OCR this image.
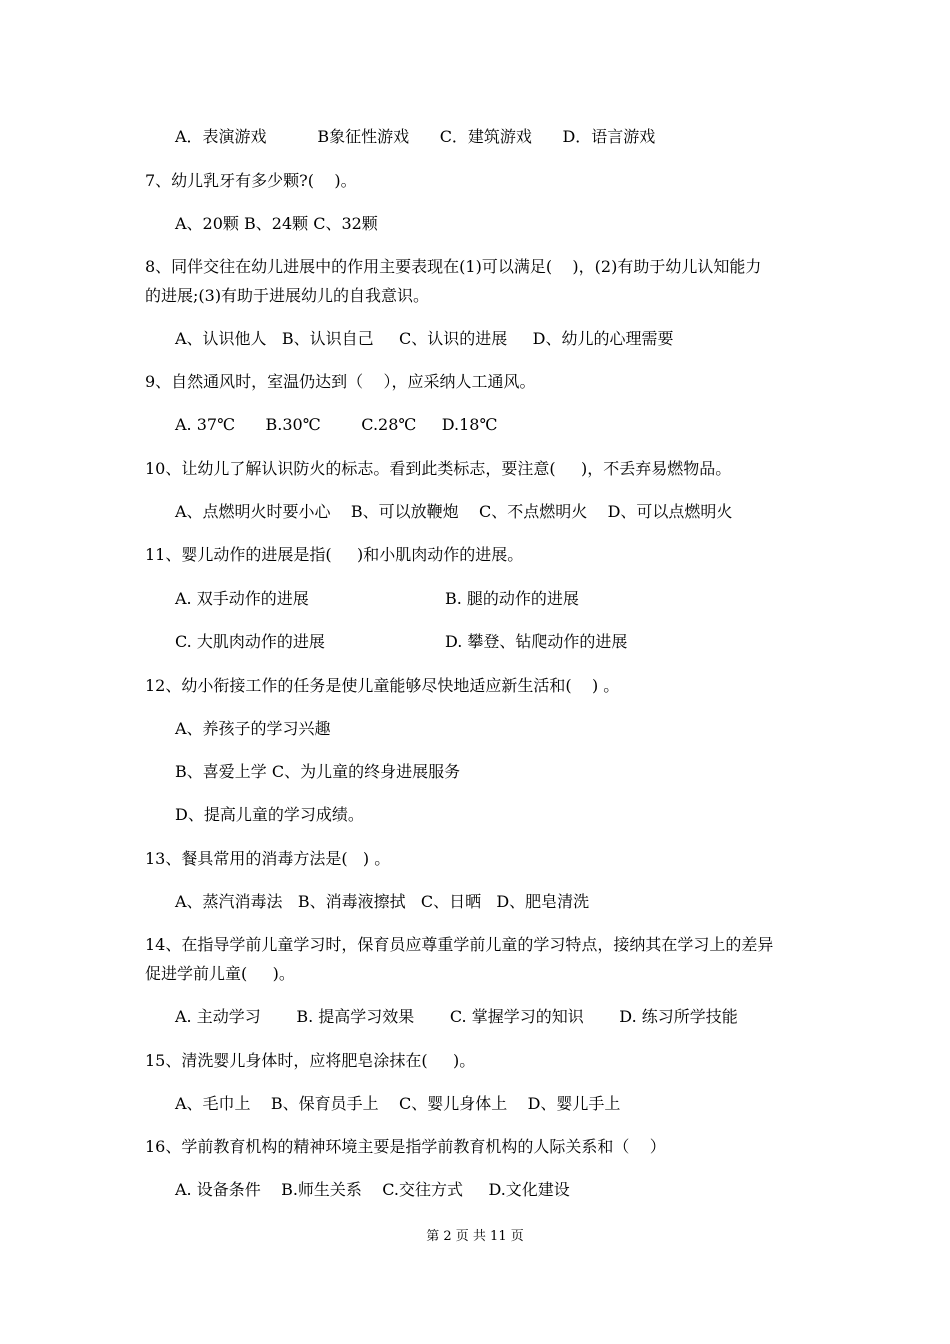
A．表演游戏          B象征性游戏      C．建筑游戏      D．语言游戏
7、幼儿乳牙有多少颗?(    )。
A、20颗 B、24颗 C、32颗
8、同伴交往在幼儿进展中的作用主要表现在(1)可以满足(    )，(2)有助于幼儿认知能力
的进展;(3)有助于进展幼儿的自我意识。
A、认识他人   B、认识自己     C、认识的进展     D、幼儿的心理需要
9、自然通风时，室温仍达到（    ），应采纳人工通风。
A. 37℃      B.30℃        C.28℃     D.18℃
10、让幼儿了解认识防火的标志。看到此类标志，要注意(     )，不丢弃易燃物品。
A、点燃明火时要小心    B、可以放鞭炮    C、不点燃明火    D、可以点燃明火
11、婴儿动作的进展是指(     )和小肌肉动作的进展。
A. 双手动作的进展	B. 腿的动作的进展
C. 大肌肉动作的进展	D. 攀登、钻爬动作的进展
12、幼小衔接工作的任务是使儿童能够尽快地适应新生活和(    ) 。
A、养孩子的学习兴趣
B、喜爱上学 C、为儿童的终身进展服务
D、提高儿童的学习成绩。
13、餐具常用的消毒方法是(   ) 。
A、蒸汽消毒法   B、消毒液擦拭   C、日晒   D、肥皂清洗
14、在指导学前儿童学习时，保育员应尊重学前儿童的学习特点，接纳其在学习上的差异
促进学前儿童(     )。
A. 主动学习       B. 提高学习效果       C. 掌握学习的知识       D. 练习所学技能
15、清洗婴儿身体时，应将肥皂涂抹在(     )。
A、毛巾上    B、保育员手上    C、婴儿身体上    D、婴儿手上
16、学前教育机构的精神环境主要是指学前教育机构的人际关系和（    ）
A. 设备条件    B.师生关系    C.交往方式     D.文化建设
第 2 页 共 11 页
